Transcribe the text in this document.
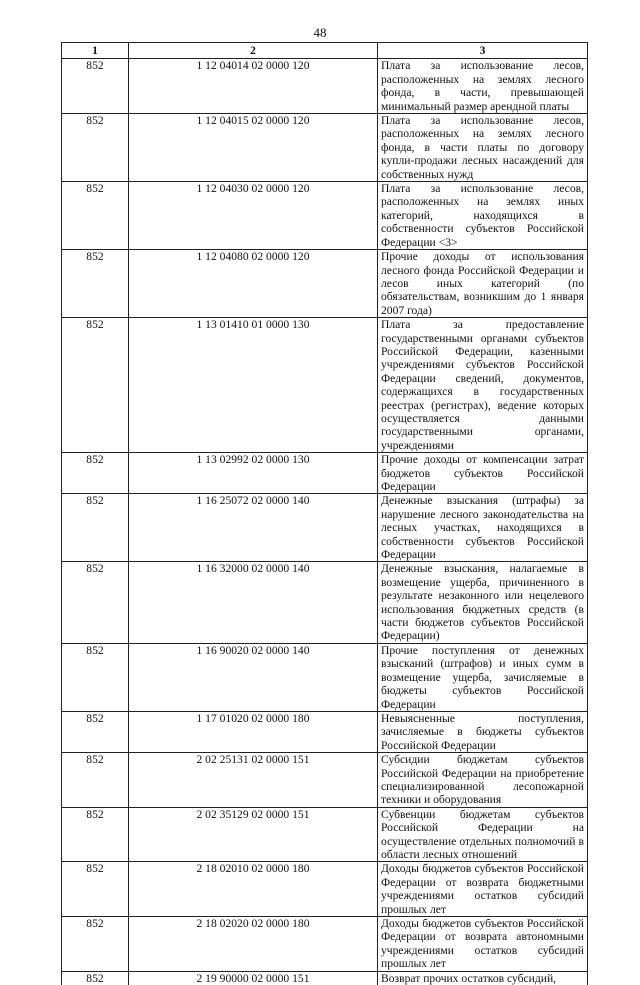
48
1	2	3
852	1 12 04014 02 0000 120	Плата за использование лесов, расположенных на землях лесного фонда, в части, превышающей минимальный размер арендной платы
852	1 12 04015 02 0000 120	Плата за использование лесов, расположенных на землях лесного фонда, в части платы по договору купли-продажи лесных насаждений для собственных нужд
852	1 12 04030 02 0000 120	Плата за использование лесов, расположенных на землях иных категорий, находящихся в собственности субъектов Российской Федерации <3>
852	1 12 04080 02 0000 120	Прочие доходы от использования лесного фонда Российской Федерации и лесов иных категорий (по обязательствам, возникшим до 1 января 2007 года)
852	1 13 01410 01 0000 130	Плата за предоставление государственными органами субъектов Российской Федерации, казенными учреждениями субъектов Российской Федерации сведений, документов, содержащихся в государственных реестрах (регистрах), ведение которых осуществляется данными государственными органами, учреждениями
852	1 13 02992 02 0000 130	Прочие доходы от компенсации затрат бюджетов субъектов Российской Федерации
852	1 16 25072 02 0000 140	Денежные взыскания (штрафы) за нарушение лесного законодательства на лесных участках, находящихся в собственности субъектов Российской Федерации
852	1 16 32000 02 0000 140	Денежные взыскания, налагаемые в возмещение ущерба, причиненного в результате незаконного или нецелевого использования бюджетных средств (в части бюджетов субъектов Российской Федерации)
852	1 16 90020 02 0000 140	Прочие поступления от денежных взысканий (штрафов) и иных сумм в возмещение ущерба, зачисляемые в бюджеты субъектов Российской Федерации
852	1 17 01020 02 0000 180	Невыясненные поступления, зачисляемые в бюджеты субъектов Российской Федерации
852	2 02 25131 02 0000 151	Субсидии бюджетам субъектов Российской Федерации на приобретение специализированной лесопожарной техники и оборудования
852	2 02 35129 02 0000 151	Субвенции бюджетам субъектов Российской Федерации на осуществление отдельных полномочий в области лесных отношений
852	2 18 02010 02 0000 180	Доходы бюджетов субъектов Российской Федерации от возврата бюджетными учреждениями остатков субсидий прошлых лет
852	2 18 02020 02 0000 180	Доходы бюджетов субъектов Российской Федерации от возврата автономными учреждениями остатков субсидий прошлых лет
852	2 19 90000 02 0000 151	Возврат прочих остатков субсидий,
